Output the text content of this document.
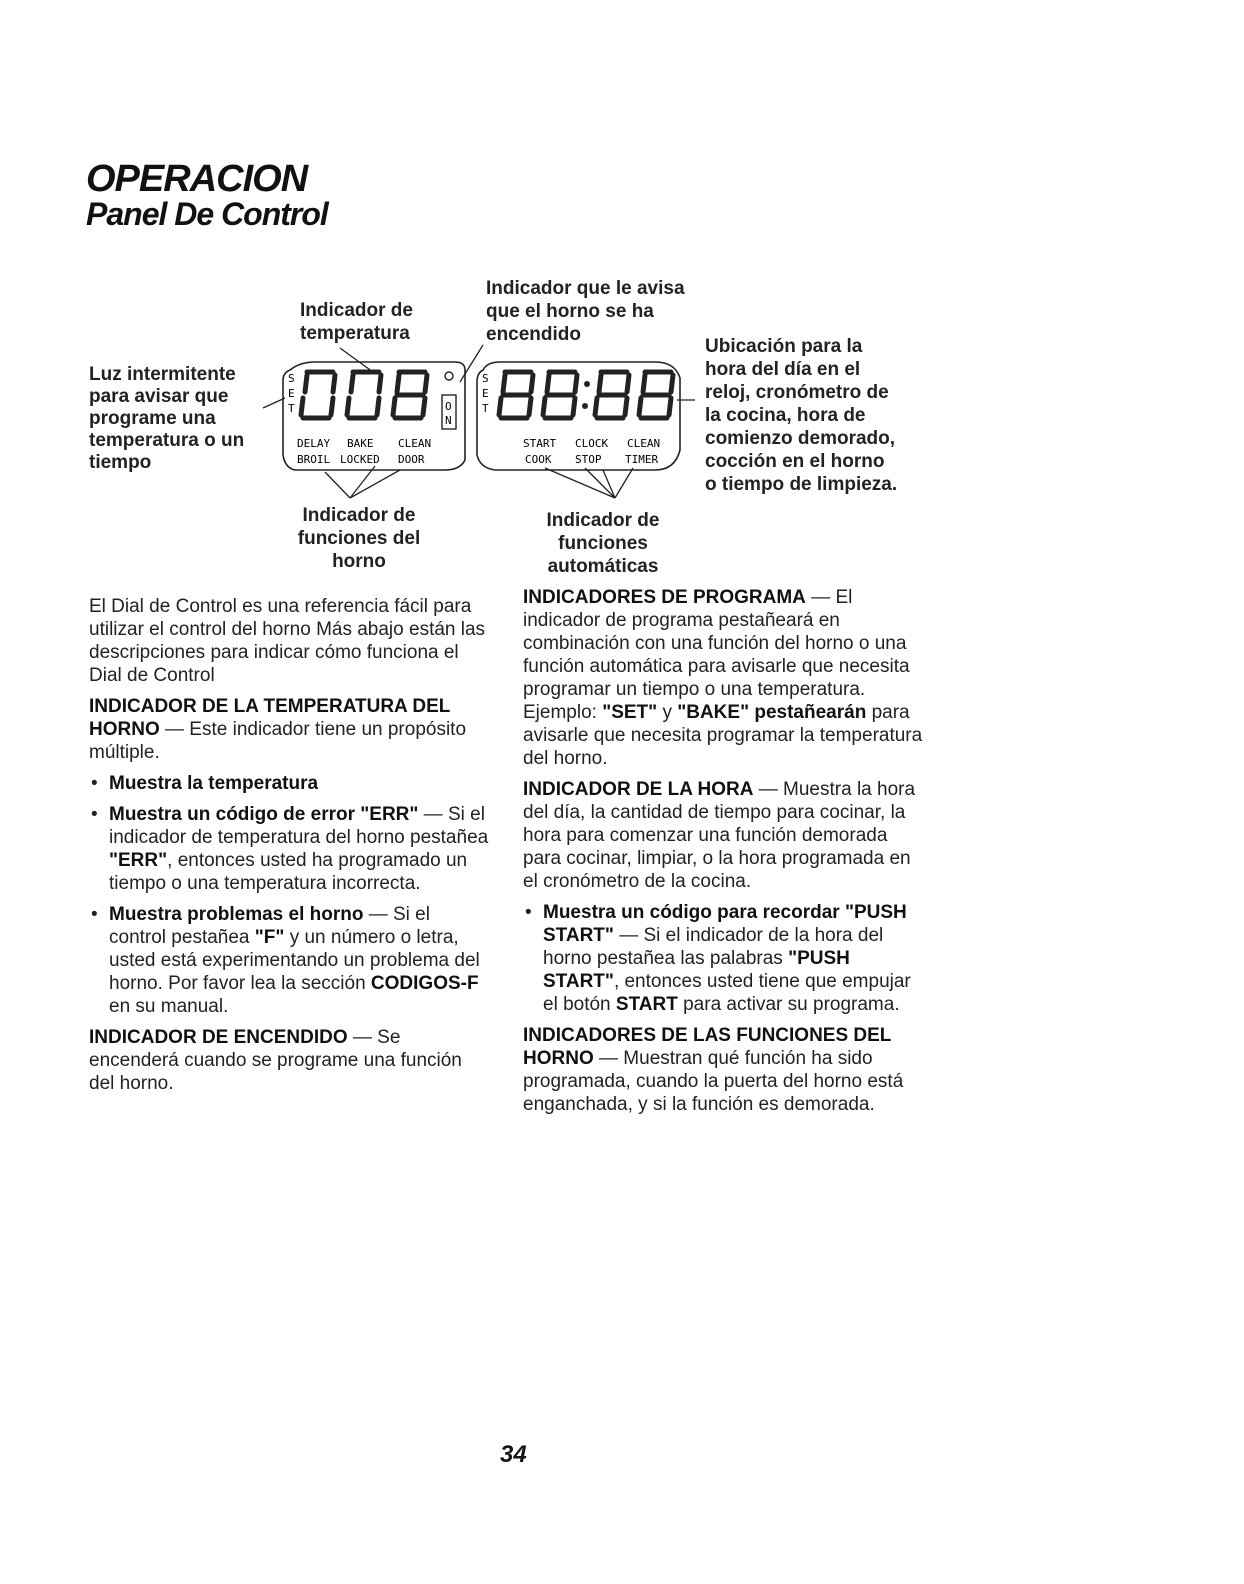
OPERACION
Panel De Control
Indicador que le avisa
que el horno se ha
encendido
Indicador de
temperatura
Luz intermitente
para avisar que
programe una
temperatura o un
tiempo
Ubicación para la
hora del día en el
reloj, cronómetro de
la cocina, hora de
comienzo demorado,
cocción en el horno
o tiempo de limpieza.
S
E
T	O
N
DELAY BAKE CLEAN
BROIL LOCKED DOOR
S
E
T
START CLOCK CLEAN
COOK STOP TIMER
Indicador de
funciones del
horno
Indicador de
funciones
automáticas

El Dial de Control es una referencia fácil para utilizar el control del horno Más abajo están las descripciones para indicar cómo funciona el Dial de Control

INDICADOR DE LA TEMPERATURA DEL HORNO — Este indicador tiene un propósito múltiple.

• Muestra la temperatura
• Muestra un código de error "ERR" — Si el indicador de temperatura del horno pestañea "ERR", entonces usted ha programado un tiempo o una temperatura incorrecta.
• Muestra problemas el horno — Si el control pestañea "F" y un número o letra, usted está experimentando un problema del horno. Por favor lea la sección CODIGOS-F en su manual.

INDICADOR DE ENCENDIDO — Se encenderá cuando se programe una función del horno.

INDICADORES DE PROGRAMA — El indicador de programa pestañeará en combinación con una función del horno o una función automática para avisarle que necesita programar un tiempo o una temperatura. Ejemplo: "SET" y "BAKE" pestañearán para avisarle que necesita programar la temperatura del horno.

INDICADOR DE LA HORA — Muestra la hora del día, la cantidad de tiempo para cocinar, la hora para comenzar una función demorada para cocinar, limpiar, o la hora programada en el cronómetro de la cocina.

• Muestra un código para recordar "PUSH START" — Si el indicador de la hora del horno pestañea las palabras "PUSH START", entonces usted tiene que empujar el botón START para activar su programa.

INDICADORES DE LAS FUNCIONES DEL HORNO — Muestran qué función ha sido programada, cuando la puerta del horno está enganchada, y si la función es demorada.

34
